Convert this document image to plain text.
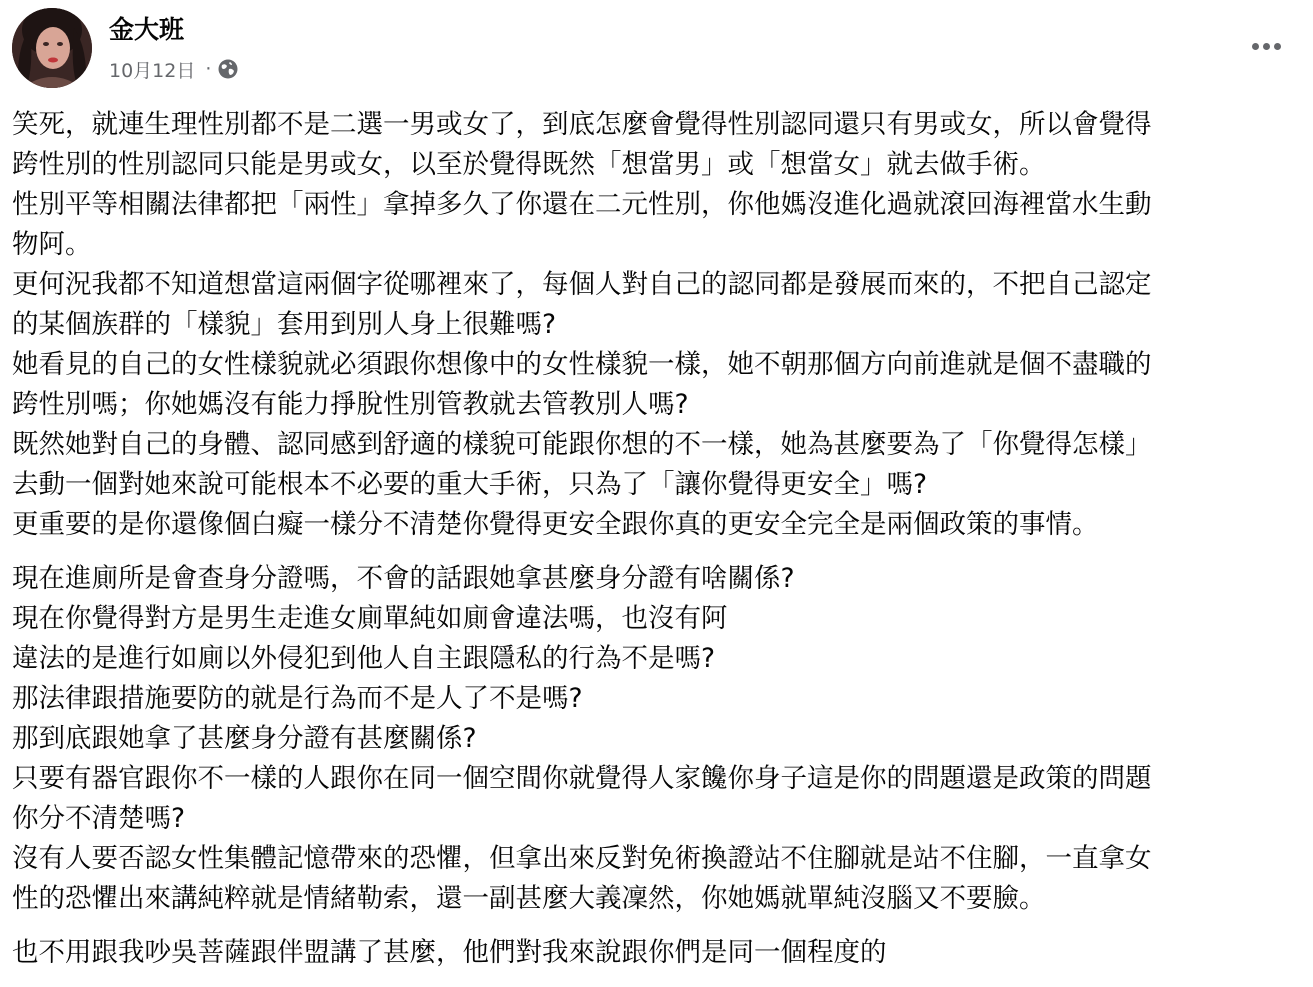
金大班
10月12日 ·
笑死，就連生理性別都不是二選一男或女了，到底怎麼會覺得性別認同還只有男或女，所以會覺得
跨性別的性別認同只能是男或女，以至於覺得既然「想當男」或「想當女」就去做手術。
性別平等相關法律都把「兩性」拿掉多久了你還在二元性別，你他媽沒進化過就滾回海裡當水生動
物阿。
更何況我都不知道想當這兩個字從哪裡來了，每個人對自己的認同都是發展而來的，不把自己認定
的某個族群的「樣貌」套用到別人身上很難嗎?
她看見的自己的女性樣貌就必須跟你想像中的女性樣貌一樣，她不朝那個方向前進就是個不盡職的
跨性別嗎；你她媽沒有能力掙脫性別管教就去管教別人嗎?
既然她對自己的身體、認同感到舒適的樣貌可能跟你想的不一樣，她為甚麼要為了「你覺得怎樣」
去動一個對她來說可能根本不必要的重大手術，只為了「讓你覺得更安全」嗎?
更重要的是你還像個白癡一樣分不清楚你覺得更安全跟你真的更安全完全是兩個政策的事情。
現在進廁所是會查身分證嗎，不會的話跟她拿甚麼身分證有啥關係?
現在你覺得對方是男生走進女廁單純如廁會違法嗎，也沒有阿
違法的是進行如廁以外侵犯到他人自主跟隱私的行為不是嗎?
那法律跟措施要防的就是行為而不是人了不是嗎?
那到底跟她拿了甚麼身分證有甚麼關係?
只要有器官跟你不一樣的人跟你在同一個空間你就覺得人家饞你身子這是你的問題還是政策的問題
你分不清楚嗎?
沒有人要否認女性集體記憶帶來的恐懼，但拿出來反對免術換證站不住腳就是站不住腳，一直拿女
性的恐懼出來講純粹就是情緒勒索，還一副甚麼大義凜然，你她媽就單純沒腦又不要臉。
也不用跟我吵吳菩薩跟伴盟講了甚麼，他們對我來說跟你們是同一個程度的
